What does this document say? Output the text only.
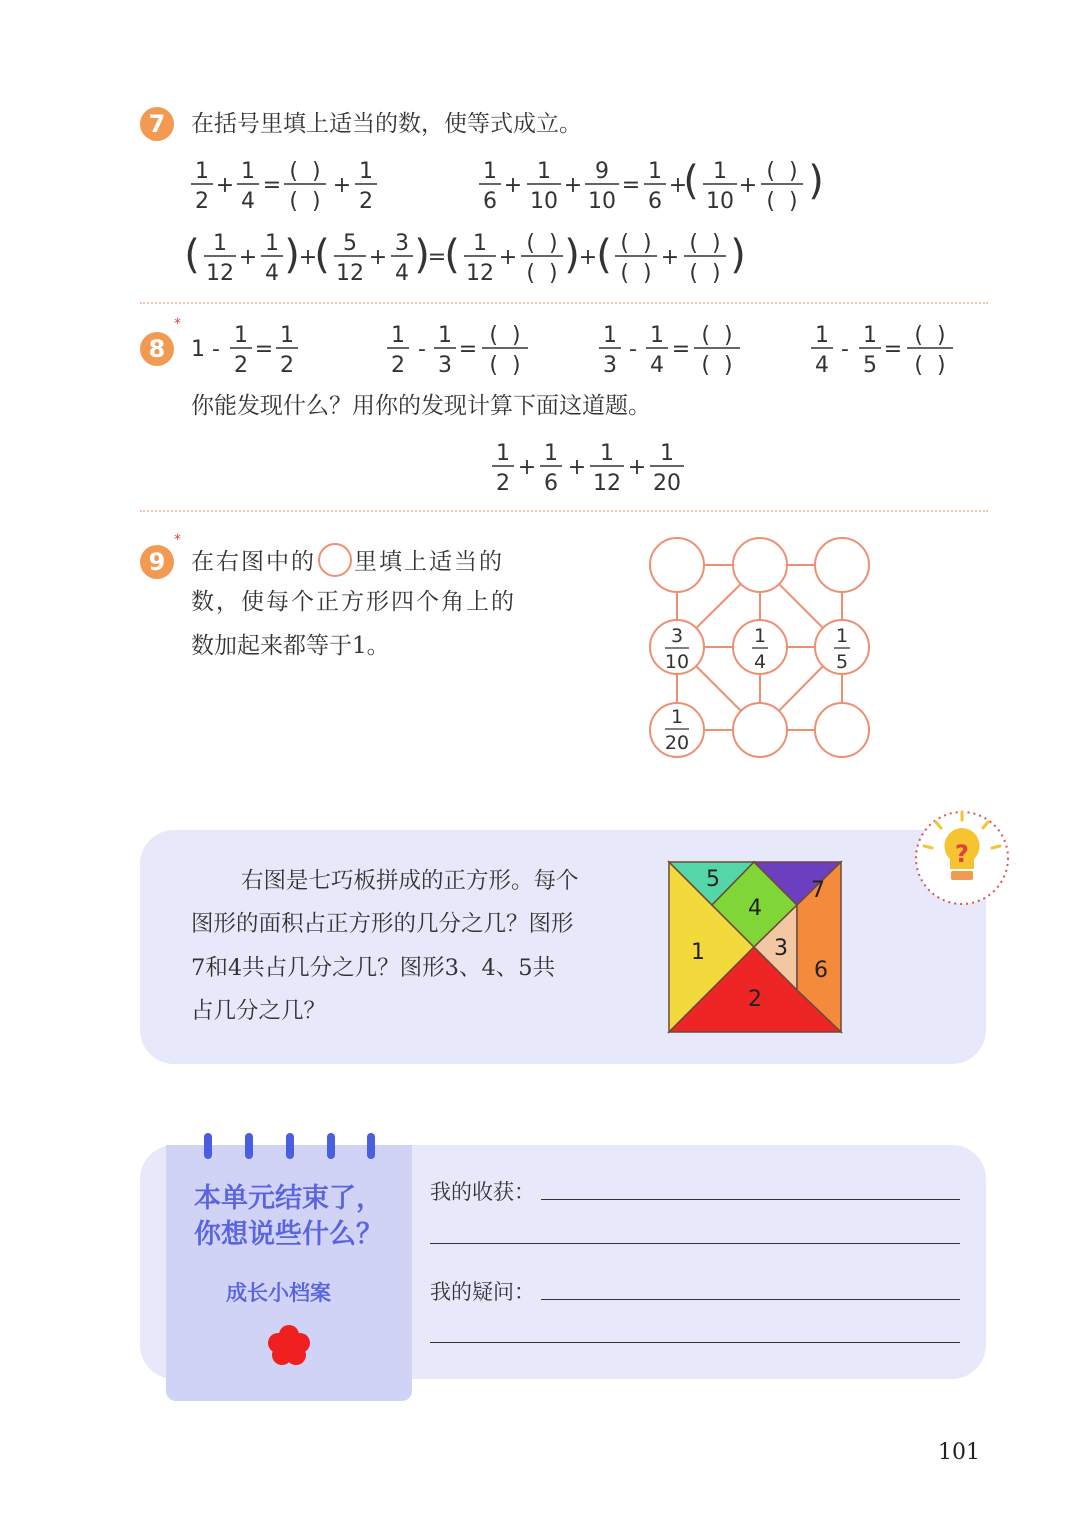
7	在括号里填上适当的数，使等式成立。
1
2
+
1
4
=
(  )
(  )
+
1
2
1
6
+
1
10
+
9
10
=
1
6
+
( 1
10
+
(  )
(  ) )
( 1
12
+
1
4 )
+
( 5
12
+
3
4 )
=
( 1
12
+
(  )
(  ) )
+
( (  )
(  )
+
(  )
(  ) )
8
*
1 -
1
2
=
1
2
1
2
-
1
3
=
(  )
(  )
1
3
-
1
4
=
(  )
(  )
1
4
-
1
5
=
(  )
(  )
你能发现什么？用你的发现计算下面这道题。
1
2
+
1
6
+
1
12
+
1
20
9
*
在右图中的 里填上适当的
数，使每个正方形四个角上的
数加起来都等于1。	3
10
1
4
1
5
1
20
右图是七巧板拼成的正方形。每个
图形的面积占正方形的几分之几？图形
7和4共占几分之几？图形3、4、5共
占几分之几？
1
2
3
4
5
6
7
?
本单元结束了，
你想说些什么？
成长小档案
我的收获：
我的疑问：
101
